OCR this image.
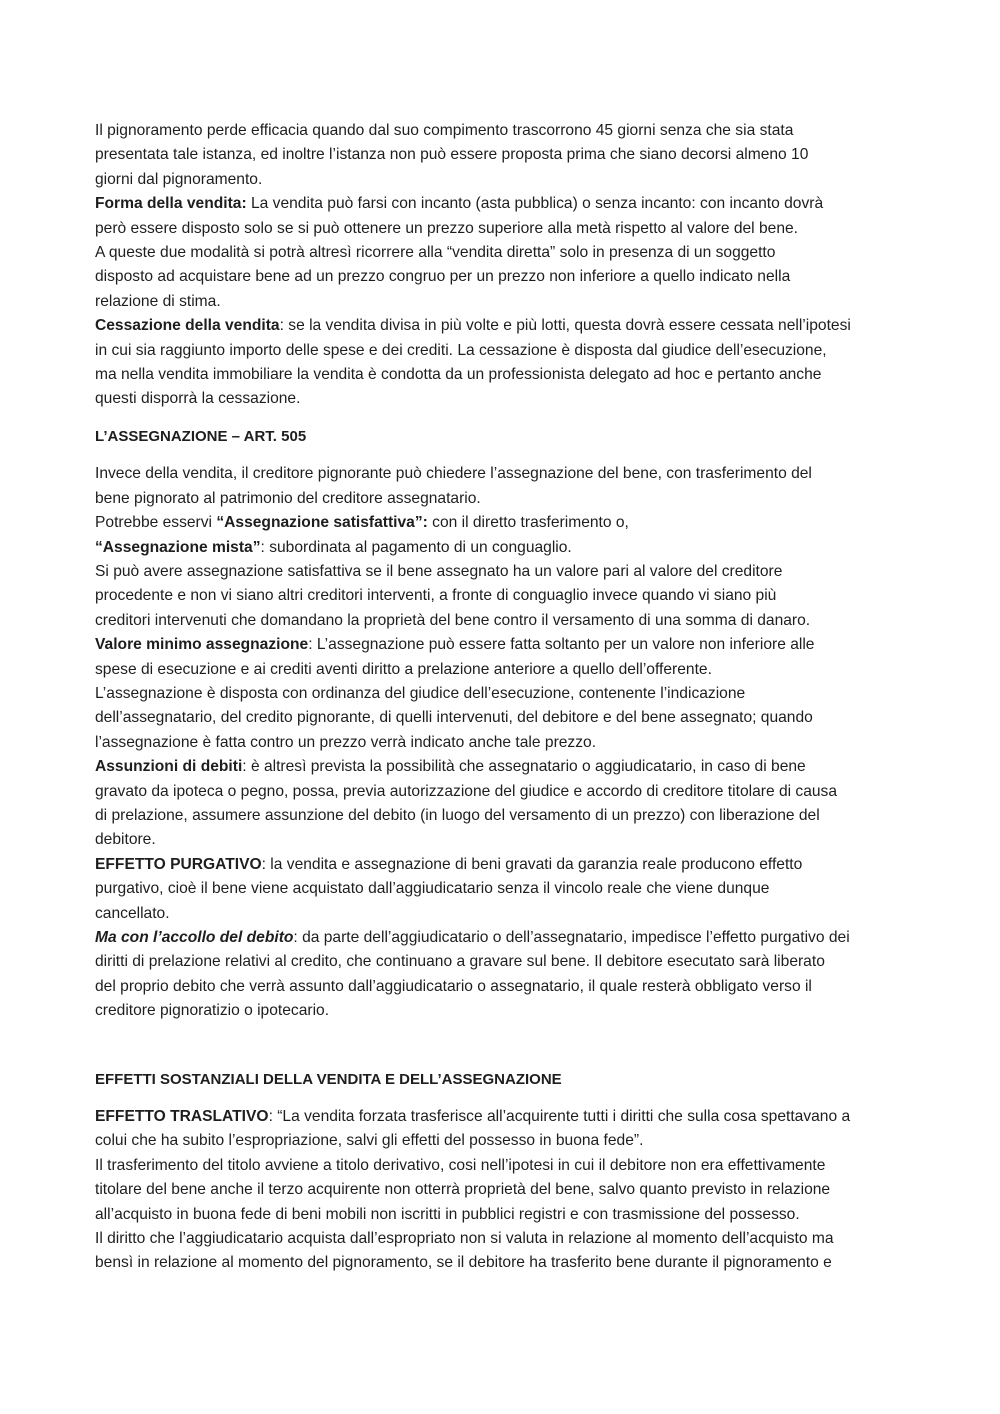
Il pignoramento perde efficacia quando dal suo compimento trascorrono 45 giorni senza che sia stata
presentata tale istanza, ed inoltre l’istanza non può essere proposta prima che siano decorsi almeno 10
giorni dal pignoramento.
Forma della vendita: La vendita può farsi con incanto (asta pubblica) o senza incanto: con incanto dovrà
però essere disposto solo se si può ottenere un prezzo superiore alla metà rispetto al valore del bene.
A queste due modalità si potrà altresì ricorrere alla “vendita diretta” solo in presenza di un soggetto
disposto ad acquistare bene ad un prezzo congruo per un prezzo non inferiore a quello indicato nella
relazione di stima.
Cessazione della vendita: se la vendita divisa in più volte e più lotti, questa dovrà essere cessata nell’ipotesi
in cui sia raggiunto importo delle spese e dei crediti. La cessazione è disposta dal giudice dell’esecuzione,
ma nella vendita immobiliare la vendita è condotta da un professionista delegato ad hoc e pertanto anche
questi disporrà la cessazione.
L’ASSEGNAZIONE – ART. 505
Invece della vendita, il creditore pignorante può chiedere l’assegnazione del bene, con trasferimento del
bene pignorato al patrimonio del creditore assegnatario.
Potrebbe esservi “Assegnazione satisfattiva”: con il diretto trasferimento o,
“Assegnazione mista”: subordinata al pagamento di un conguaglio.
Si può avere assegnazione satisfattiva se il bene assegnato ha un valore pari al valore del creditore
procedente e non vi siano altri creditori interventi, a fronte di conguaglio invece quando vi siano più
creditori intervenuti che domandano la proprietà del bene contro il versamento di una somma di danaro.
Valore minimo assegnazione: L’assegnazione può essere fatta soltanto per un valore non inferiore alle
spese di esecuzione e ai crediti aventi diritto a prelazione anteriore a quello dell’offerente.
L’assegnazione è disposta con ordinanza del giudice dell’esecuzione, contenente l’indicazione
dell’assegnatario, del credito pignorante, di quelli intervenuti, del debitore e del bene assegnato; quando
l’assegnazione è fatta contro un prezzo verrà indicato anche tale prezzo.
Assunzioni di debiti: è altresì prevista la possibilità che assegnatario o aggiudicatario, in caso di bene
gravato da ipoteca o pegno, possa, previa autorizzazione del giudice e accordo di creditore titolare di causa
di prelazione, assumere assunzione del debito (in luogo del versamento di un prezzo) con liberazione del
debitore.
EFFETTO PURGATIVO: la vendita e assegnazione di beni gravati da garanzia reale producono effetto
purgativo, cioè il bene viene acquistato dall’aggiudicatario senza il vincolo reale che viene dunque
cancellato.
Ma con l’accollo del debito: da parte dell’aggiudicatario o dell’assegnatario, impedisce l’effetto purgativo dei
diritti di prelazione relativi al credito, che continuano a gravare sul bene. Il debitore esecutato sarà liberato
del proprio debito che verrà assunto dall’aggiudicatario o assegnatario, il quale resterà obbligato verso il
creditore pignoratizio o ipotecario.
EFFETTI SOSTANZIALI DELLA VENDITA E DELL’ASSEGNAZIONE
EFFETTO TRASLATIVO: “La vendita forzata trasferisce all’acquirente tutti i diritti che sulla cosa spettavano a
colui che ha subito l’espropriazione, salvi gli effetti del possesso in buona fede”.
Il trasferimento del titolo avviene a titolo derivativo, cosi nell’ipotesi in cui il debitore non era effettivamente
titolare del bene anche il terzo acquirente non otterrà proprietà del bene, salvo quanto previsto in relazione
all’acquisto in buona fede di beni mobili non iscritti in pubblici registri e con trasmissione del possesso.
Il diritto che l’aggiudicatario acquista dall’espropriato non si valuta in relazione al momento dell’acquisto ma
bensì in relazione al momento del pignoramento, se il debitore ha trasferito bene durante il pignoramento e
